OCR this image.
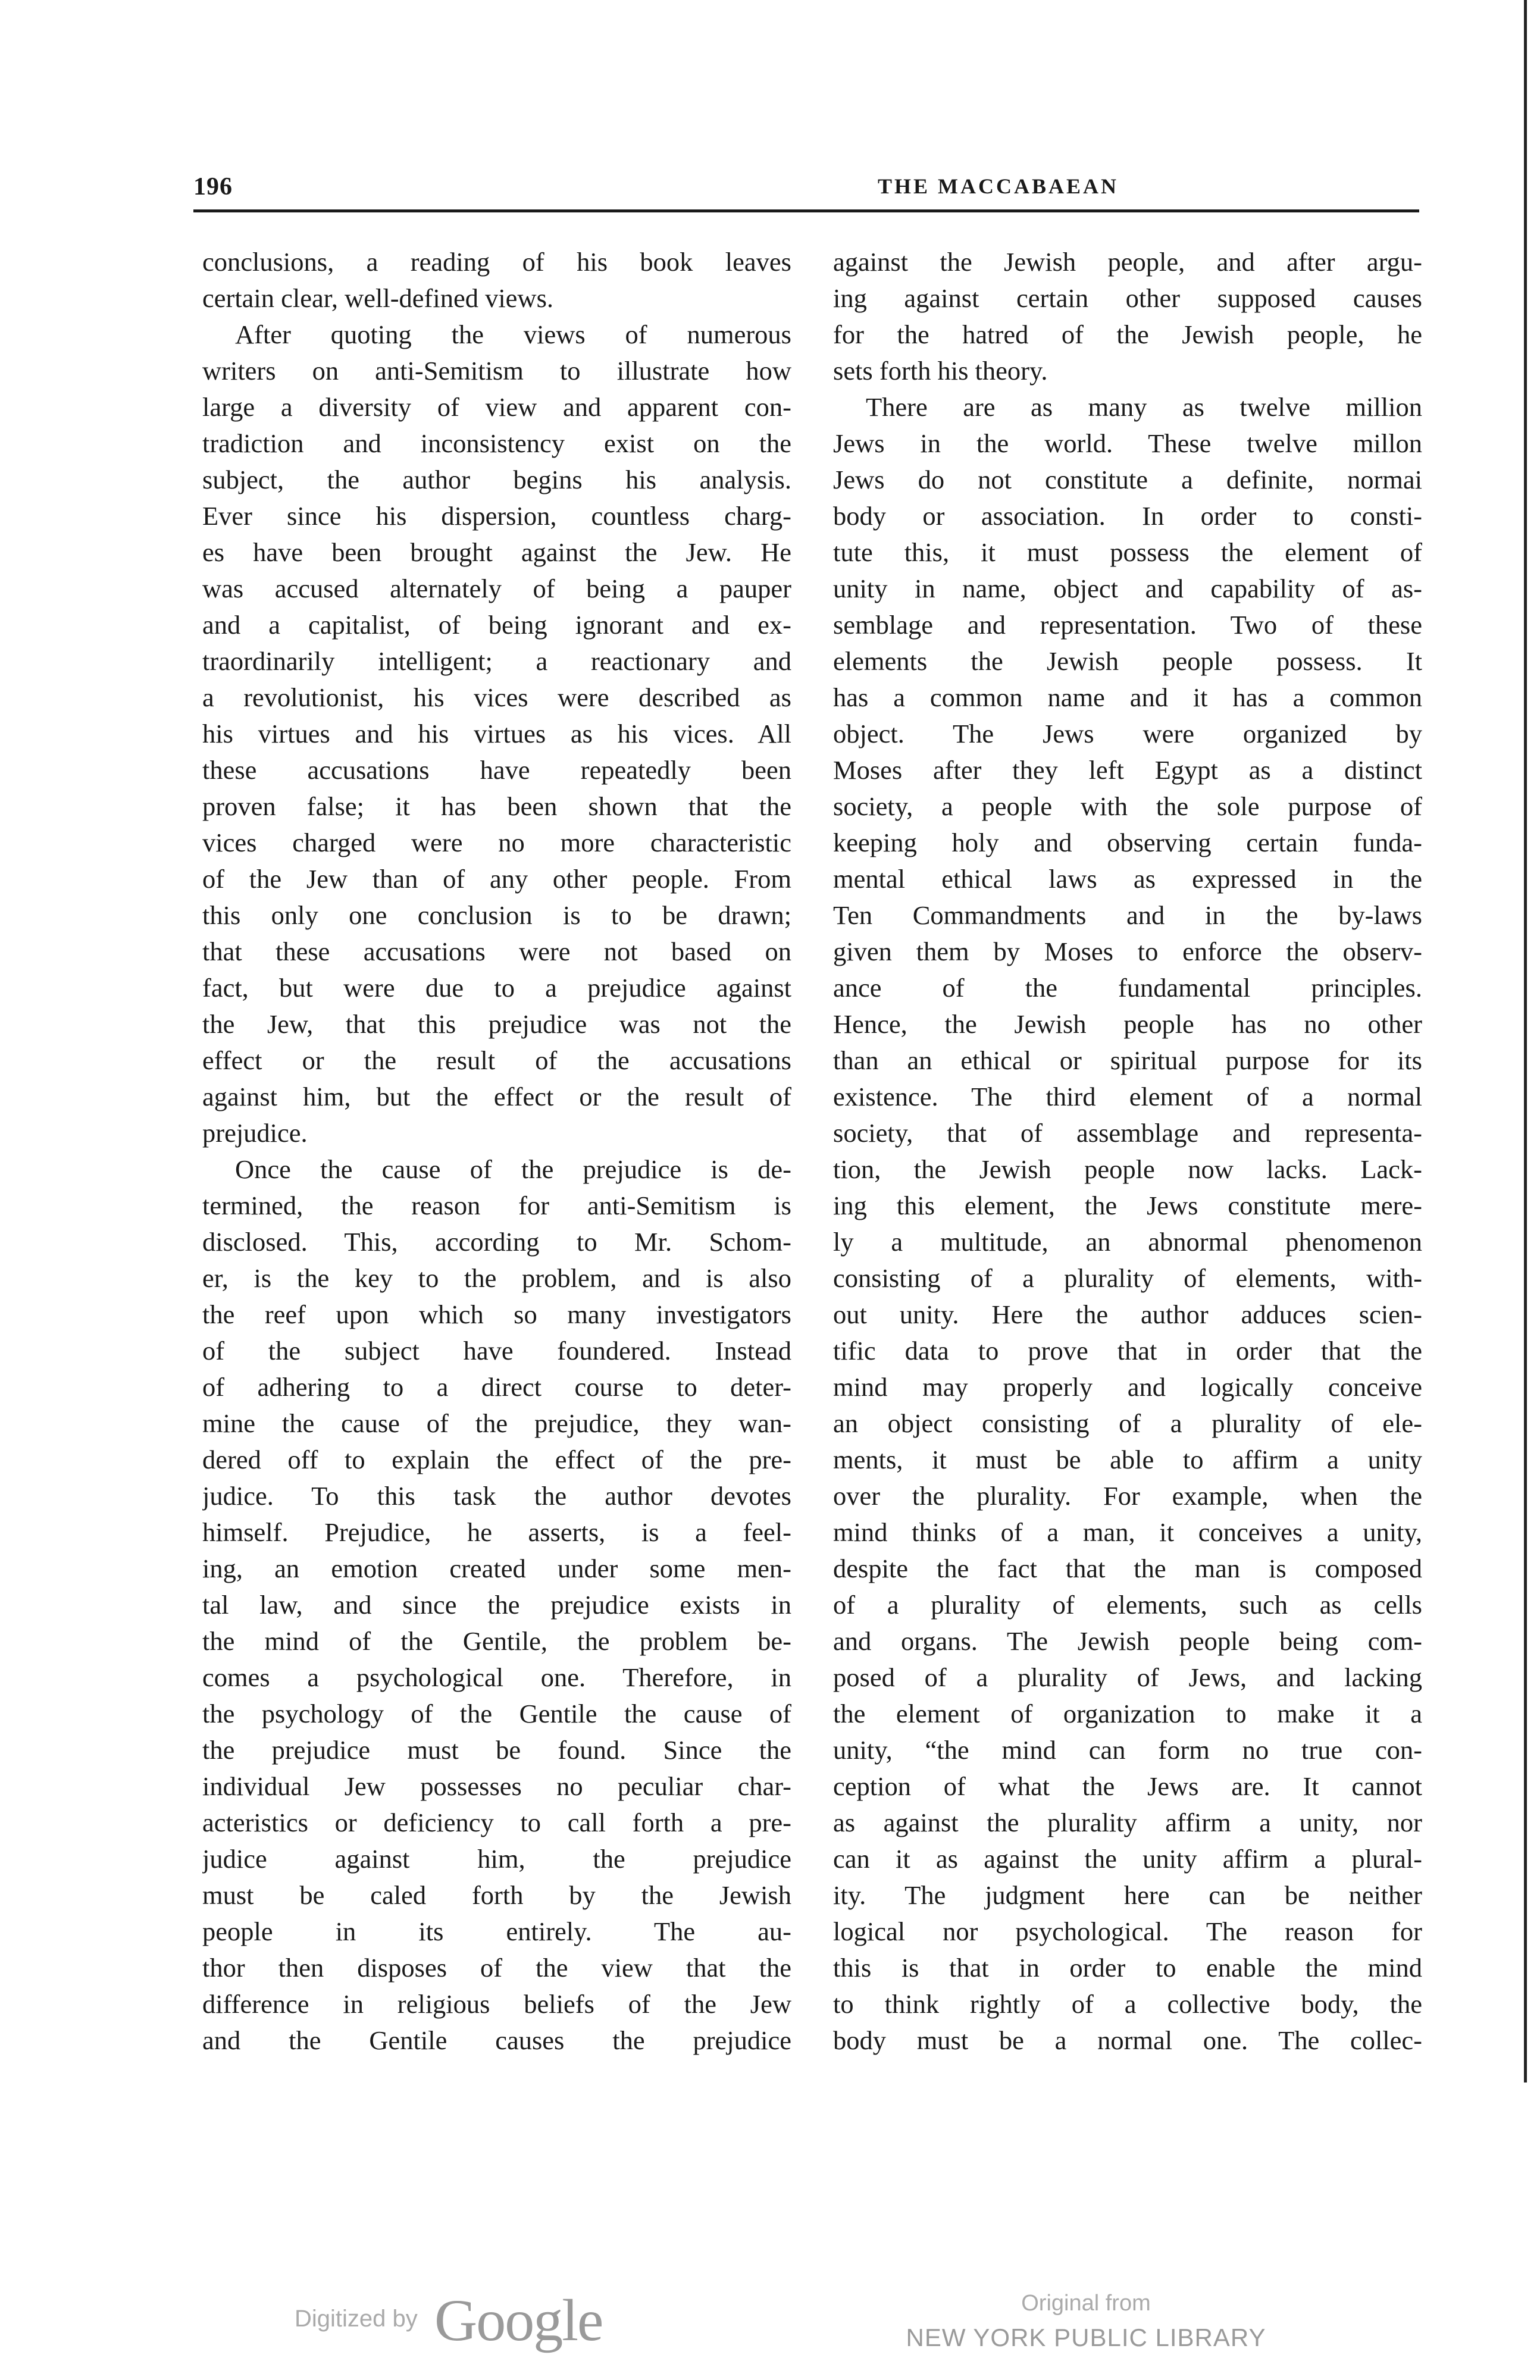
196	THE MACCABAEAN
conclusions, a reading of his book leaves
certain clear, well-defined views.
After quoting the views of numerous
writers on anti-Semitism to illustrate how
large a diversity of view and apparent con-
tradiction and inconsistency exist on the
subject, the author begins his analysis.
Ever since his dispersion, countless charg-
es have been brought against the Jew. He
was accused alternately of being a pauper
and a capitalist, of being ignorant and ex-
traordinarily intelligent; a reactionary and
a revolutionist, his vices were described as
his virtues and his virtues as his vices. All
these accusations have repeatedly been
proven false; it has been shown that the
vices charged were no more characteristic
of the Jew than of any other people. From
this only one conclusion is to be drawn;
that these accusations were not based on
fact, but were due to a prejudice against
the Jew, that this prejudice was not the
effect or the result of the accusations
against him, but the effect or the result of
prejudice.
Once the cause of the prejudice is de-
termined, the reason for anti-Semitism is
disclosed. This, according to Mr. Schom-
er, is the key to the problem, and is also
the reef upon which so many investigators
of the subject have foundered. Instead
of adhering to a direct course to deter-
mine the cause of the prejudice, they wan-
dered off to explain the effect of the pre-
judice. To this task the author devotes
himself. Prejudice, he asserts, is a feel-
ing, an emotion created under some men-
tal law, and since the prejudice exists in
the mind of the Gentile, the problem be-
comes a psychological one. Therefore, in
the psychology of the Gentile the cause of
the prejudice must be found. Since the
individual Jew possesses no peculiar char-
acteristics or deficiency to call forth a pre-
judice against him, the prejudice
must be caled forth by the Jewish
people in its entirely. The au-
thor then disposes of the view that the
difference in religious beliefs of the Jew
and the Gentile causes the prejudice
against the Jewish people, and after argu-
ing against certain other supposed causes
for the hatred of the Jewish people, he
sets forth his theory.
There are as many as twelve million
Jews in the world. These twelve millon
Jews do not constitute a definite, normai
body or association. In order to consti-
tute this, it must possess the element of
unity in name, object and capability of as-
semblage and representation. Two of these
elements the Jewish people possess. It
has a common name and it has a common
object. The Jews were organized by
Moses after they left Egypt as a distinct
society, a people with the sole purpose of
keeping holy and observing certain funda-
mental ethical laws as expressed in the
Ten Commandments and in the by-laws
given them by Moses to enforce the observ-
ance of the fundamental principles.
Hence, the Jewish people has no other
than an ethical or spiritual purpose for its
existence. The third element of a normal
society, that of assemblage and representa-
tion, the Jewish people now lacks. Lack-
ing this element, the Jews constitute mere-
ly a multitude, an abnormal phenomenon
consisting of a plurality of elements, with-
out unity. Here the author adduces scien-
tific data to prove that in order that the
mind may properly and logically conceive
an object consisting of a plurality of ele-
ments, it must be able to affirm a unity
over the plurality. For example, when the
mind thinks of a man, it conceives a unity,
despite the fact that the man is composed
of a plurality of elements, such as cells
and organs. The Jewish people being com-
posed of a plurality of Jews, and lacking
the element of organization to make it a
unity, “the mind can form no true con-
ception of what the Jews are. It cannot
as against the plurality affirm a unity, nor
can it as against the unity affirm a plural-
ity. The judgment here can be neither
logical nor psychological. The reason for
this is that in order to enable the mind
to think rightly of a collective body, the
body must be a normal one. The collec-
Digitized by Google	Original from
NEW YORK PUBLIC LIBRARY
